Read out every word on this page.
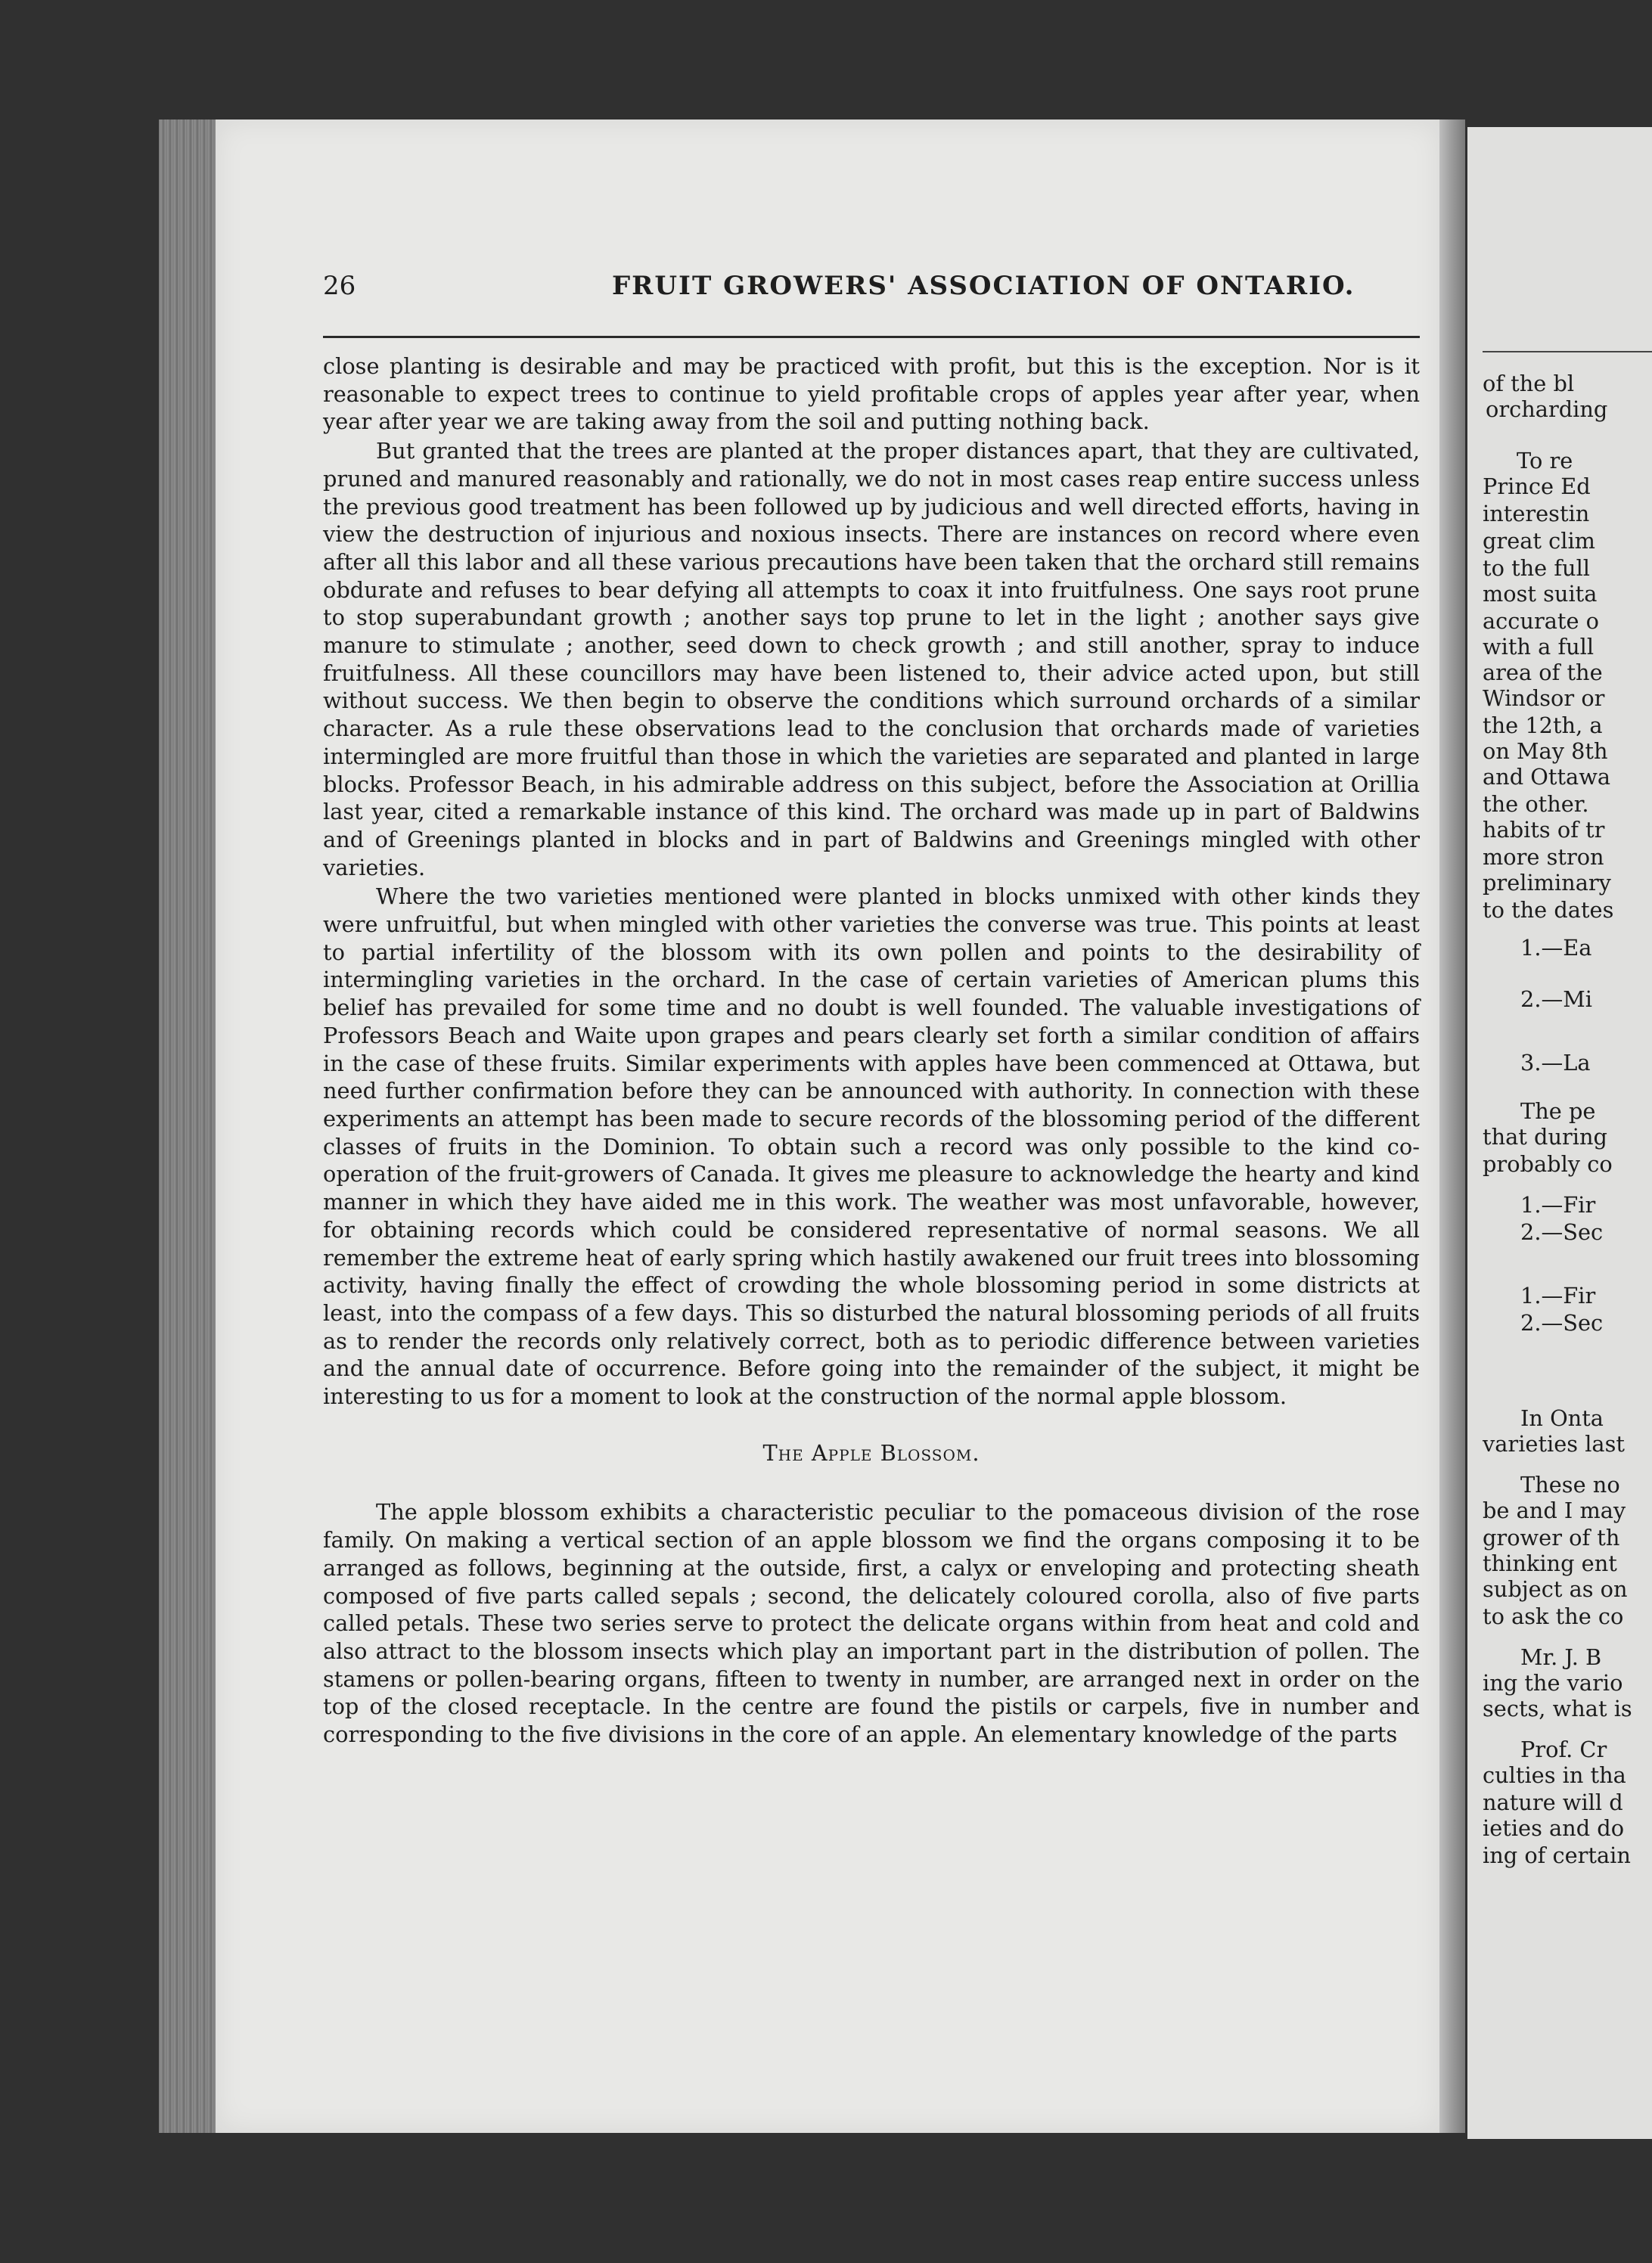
26	FRUIT GROWERS' ASSOCIATION OF ONTARIO.

close planting is desirable and may be practiced with profit, but this is the exception. Nor is it reasonable to expect trees to continue to yield profitable crops of apples year after year, when year after year we are taking away from the soil and putting nothing back.

But granted that the trees are planted at the proper distances apart, that they are cultivated, pruned and manured reasonably and rationally, we do not in most cases reap entire success unless the previous good treatment has been followed up by judicious and well directed efforts, having in view the destruction of injurious and noxious insects. There are instances on record where even after all this labor and all these various precautions have been taken that the orchard still remains obdurate and refuses to bear defying all attempts to coax it into fruitfulness. One says root prune to stop superabundant growth ; another says top prune to let in the light ; another says give manure to stimulate ; another, seed down to check growth ; and still another, spray to induce fruitfulness. All these councillors may have been listened to, their advice acted upon, but still without success. We then begin to observe the conditions which surround orchards of a similar character. As a rule these observations lead to the conclusion that orchards made of varieties intermingled are more fruitful than those in which the varieties are separated and planted in large blocks. Professor Beach, in his admirable address on this subject, before the Association at Orillia last year, cited a remarkable instance of this kind. The orchard was made up in part of Baldwins and of Greenings planted in blocks and in part of Baldwins and Greenings mingled with other varieties.

Where the two varieties mentioned were planted in blocks unmixed with other kinds they were unfruitful, but when mingled with other varieties the converse was true. This points at least to partial infertility of the blossom with its own pollen and points to the desirability of intermingling varieties in the orchard. In the case of certain varieties of American plums this belief has prevailed for some time and no doubt is well founded. The valuable investigations of Professors Beach and Waite upon grapes and pears clearly set forth a similar condition of affairs in the case of these fruits. Similar experiments with apples have been commenced at Ottawa, but need further confirmation before they can be announced with authority. In connection with these experiments an attempt has been made to secure records of the blossoming period of the different classes of fruits in the Dominion. To obtain such a record was only possible to the kind co-operation of the fruit-growers of Canada. It gives me pleasure to acknowledge the hearty and kind manner in which they have aided me in this work. The weather was most unfavorable, however, for obtaining records which could be considered representative of normal seasons. We all remember the extreme heat of early spring which hastily awakened our fruit trees into blossoming activity, having finally the effect of crowding the whole blossoming period in some districts at least, into the compass of a few days. This so disturbed the natural blossoming periods of all fruits as to render the records only relatively correct, both as to periodic difference between varieties and the annual date of occurrence. Before going into the remainder of the subject, it might be interesting to us for a moment to look at the construction of the normal apple blossom.

The Apple Blossom.

The apple blossom exhibits a characteristic peculiar to the pomaceous division of the rose family. On making a vertical section of an apple blossom we find the organs composing it to be arranged as follows, beginning at the outside, first, a calyx or enveloping and protecting sheath composed of five parts called sepals ; second, the delicately coloured corolla, also of five parts called petals. These two series serve to protect the delicate organs within from heat and cold and also attract to the blossom insects which play an important part in the distribution of pollen. The stamens or pollen-bearing organs, fifteen to twenty in number, are arranged next in order on the top of the closed receptacle. In the centre are found the pistils or carpels, five in number and corresponding to the five divisions in the core of an apple. An elementary knowledge of the parts

of the bl
orcharding
To re
Prince Ed
interestin
great clim
to the full
most suita
accurate o
with a full
area of the
Windsor or
the 12th, a
on May 8th
and Ottawa
the other.
habits of tr
more stron
preliminary
to the dates
1.—Ea
2.—Mi
3.—La
The pe
that during
probably co
1.—Fir
2.—Sec
1.—Fir
2.—Sec
In Onta
varieties last
These no
be and I may
grower of th
thinking ent
subject as on
to ask the co
Mr. J. B
ing the vario
sects, what is
Prof. Cr
culties in tha
nature will d
ieties and do
ing of certain
